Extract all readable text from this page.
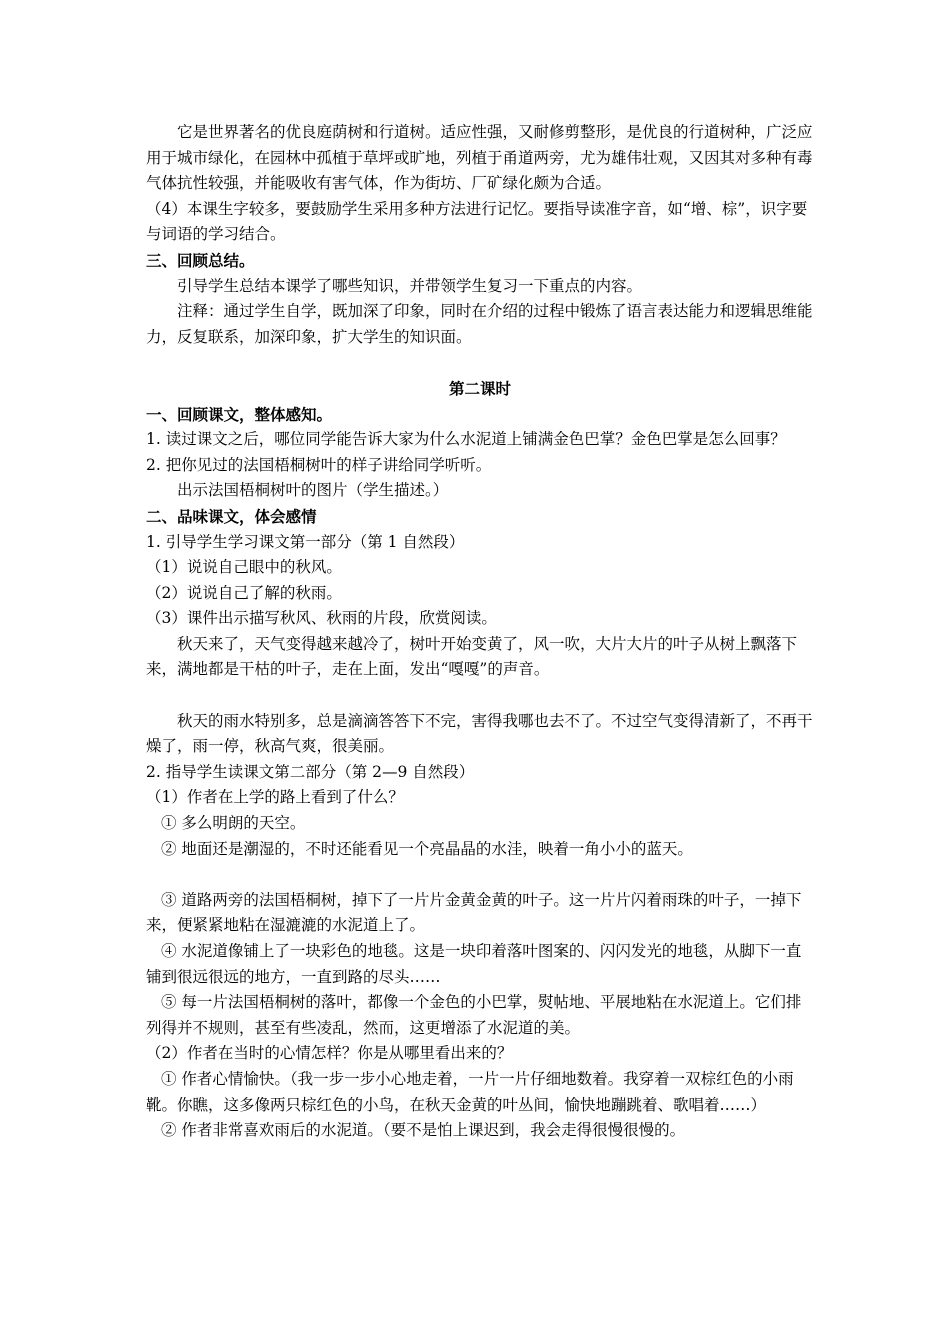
它是世界著名的优良庭荫树和行道树。适应性强，又耐修剪整形，是优良的行道树种，广泛应用于城市绿化，在园林中孤植于草坪或旷地，列植于甬道两旁，尤为雄伟壮观，又因其对多种有毒气体抗性较强，并能吸收有害气体，作为街坊、厂矿绿化颇为合适。

（4）本课生字较多，要鼓励学生采用多种方法进行记忆。要指导读准字音，如“增、棕”，识字要与词语的学习结合。

三、回顾总结。

引导学生总结本课学了哪些知识，并带领学生复习一下重点的内容。

注释：通过学生自学，既加深了印象，同时在介绍的过程中锻炼了语言表达能力和逻辑思维能力，反复联系，加深印象，扩大学生的知识面。

第二课时

一、回顾课文，整体感知。

1. 读过课文之后，哪位同学能告诉大家为什么水泥道上铺满金色巴掌？金色巴掌是怎么回事？

2. 把你见过的法国梧桐树叶的样子讲给同学听听。

出示法国梧桐树叶的图片（学生描述。）

二、品味课文，体会感情

1. 引导学生学习课文第一部分（第 1 自然段）

（1）说说自己眼中的秋风。

（2）说说自己了解的秋雨。

（3）课件出示描写秋风、秋雨的片段，欣赏阅读。

秋天来了，天气变得越来越冷了，树叶开始变黄了，风一吹，大片大片的叶子从树上飘落下来，满地都是干枯的叶子，走在上面，发出“嘎嘎”的声音。

秋天的雨水特别多，总是滴滴答答下不完，害得我哪也去不了。不过空气变得清新了，不再干燥了，雨一停，秋高气爽，很美丽。

2. 指导学生读课文第二部分（第 2—9 自然段）

（1）作者在上学的路上看到了什么？

① 多么明朗的天空。

② 地面还是潮湿的，不时还能看见一个亮晶晶的水洼，映着一角小小的蓝天。

③ 道路两旁的法国梧桐树，掉下了一片片金黄金黄的叶子。这一片片闪着雨珠的叶子，一掉下来，便紧紧地粘在湿漉漉的水泥道上了。

④ 水泥道像铺上了一块彩色的地毯。这是一块印着落叶图案的、闪闪发光的地毯，从脚下一直铺到很远很远的地方，一直到路的尽头……

⑤ 每一片法国梧桐树的落叶，都像一个金色的小巴掌，熨帖地、平展地粘在水泥道上。它们排列得并不规则，甚至有些凌乱，然而，这更增添了水泥道的美。

（2）作者在当时的心情怎样？你是从哪里看出来的？

① 作者心情愉快。（我一步一步小心地走着，一片一片仔细地数着。我穿着一双棕红色的小雨靴。你瞧，这多像两只棕红色的小鸟，在秋天金黄的叶丛间，愉快地蹦跳着、歌唱着……）

② 作者非常喜欢雨后的水泥道。（要不是怕上课迟到，我会走得很慢很慢的。
